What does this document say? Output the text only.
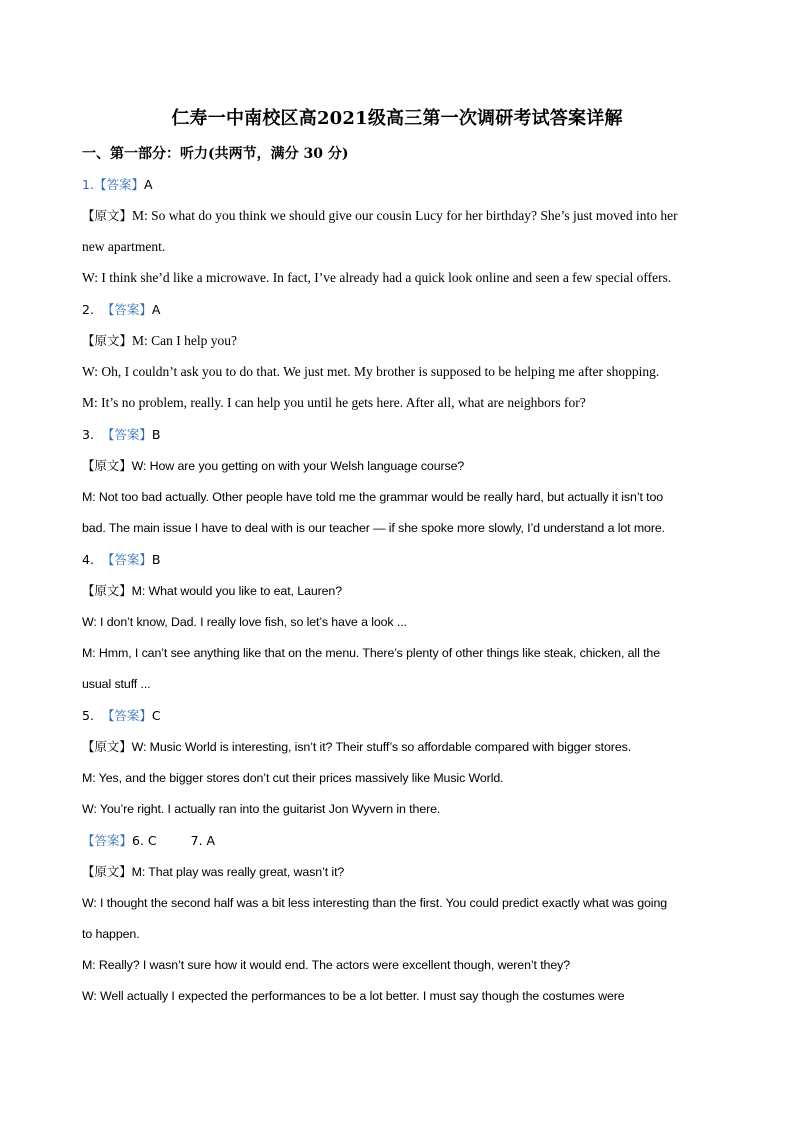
仁寿一中南校区高2021级高三第一次调研考试答案详解
一、第一部分：听力(共两节，满分 30 分)
1.【答案】A
【原文】M: So what do you think we should give our cousin Lucy for her birthday? She’s just moved into her
new apartment.
W: I think she’d like a microwave. In fact, I’ve already had a quick look online and seen a few special offers.
2. 【答案】A
【原文】M: Can I help you?
W: Oh, I couldn’t ask you to do that. We just met. My brother is supposed to be helping me after shopping.
M: It’s no problem, really. I can help you until he gets here. After all, what are neighbors for?
3. 【答案】B
【原文】W: How are you getting on with your Welsh language course?
M: Not too bad actually. Other people have told me the grammar would be really hard, but actually it isn’t too
bad. The main issue I have to deal with is our teacher — if she spoke more slowly, I’d understand a lot more.
4. 【答案】B
【原文】M: What would you like to eat, Lauren?
W: I don’t know, Dad. I really love fish, so let’s have a look ...
M: Hmm, I can’t see anything like that on the menu. There’s plenty of other things like steak, chicken, all the
usual stuff ...
5. 【答案】C
【原文】W: Music World is interesting, isn’t it? Their stuff’s so affordable compared with bigger stores.
M: Yes, and the bigger stores don’t cut their prices massively like Music World.
W: You’re right. I actually ran into the guitarist Jon Wyvern in there.
【答案】6. C	7. A
【原文】M: That play was really great, wasn’t it?
W: I thought the second half was a bit less interesting than the first. You could predict exactly what was going
to happen.
M: Really? I wasn’t sure how it would end. The actors were excellent though, weren’t they?
W: Well actually I expected the performances to be a lot better. I must say though the costumes were
